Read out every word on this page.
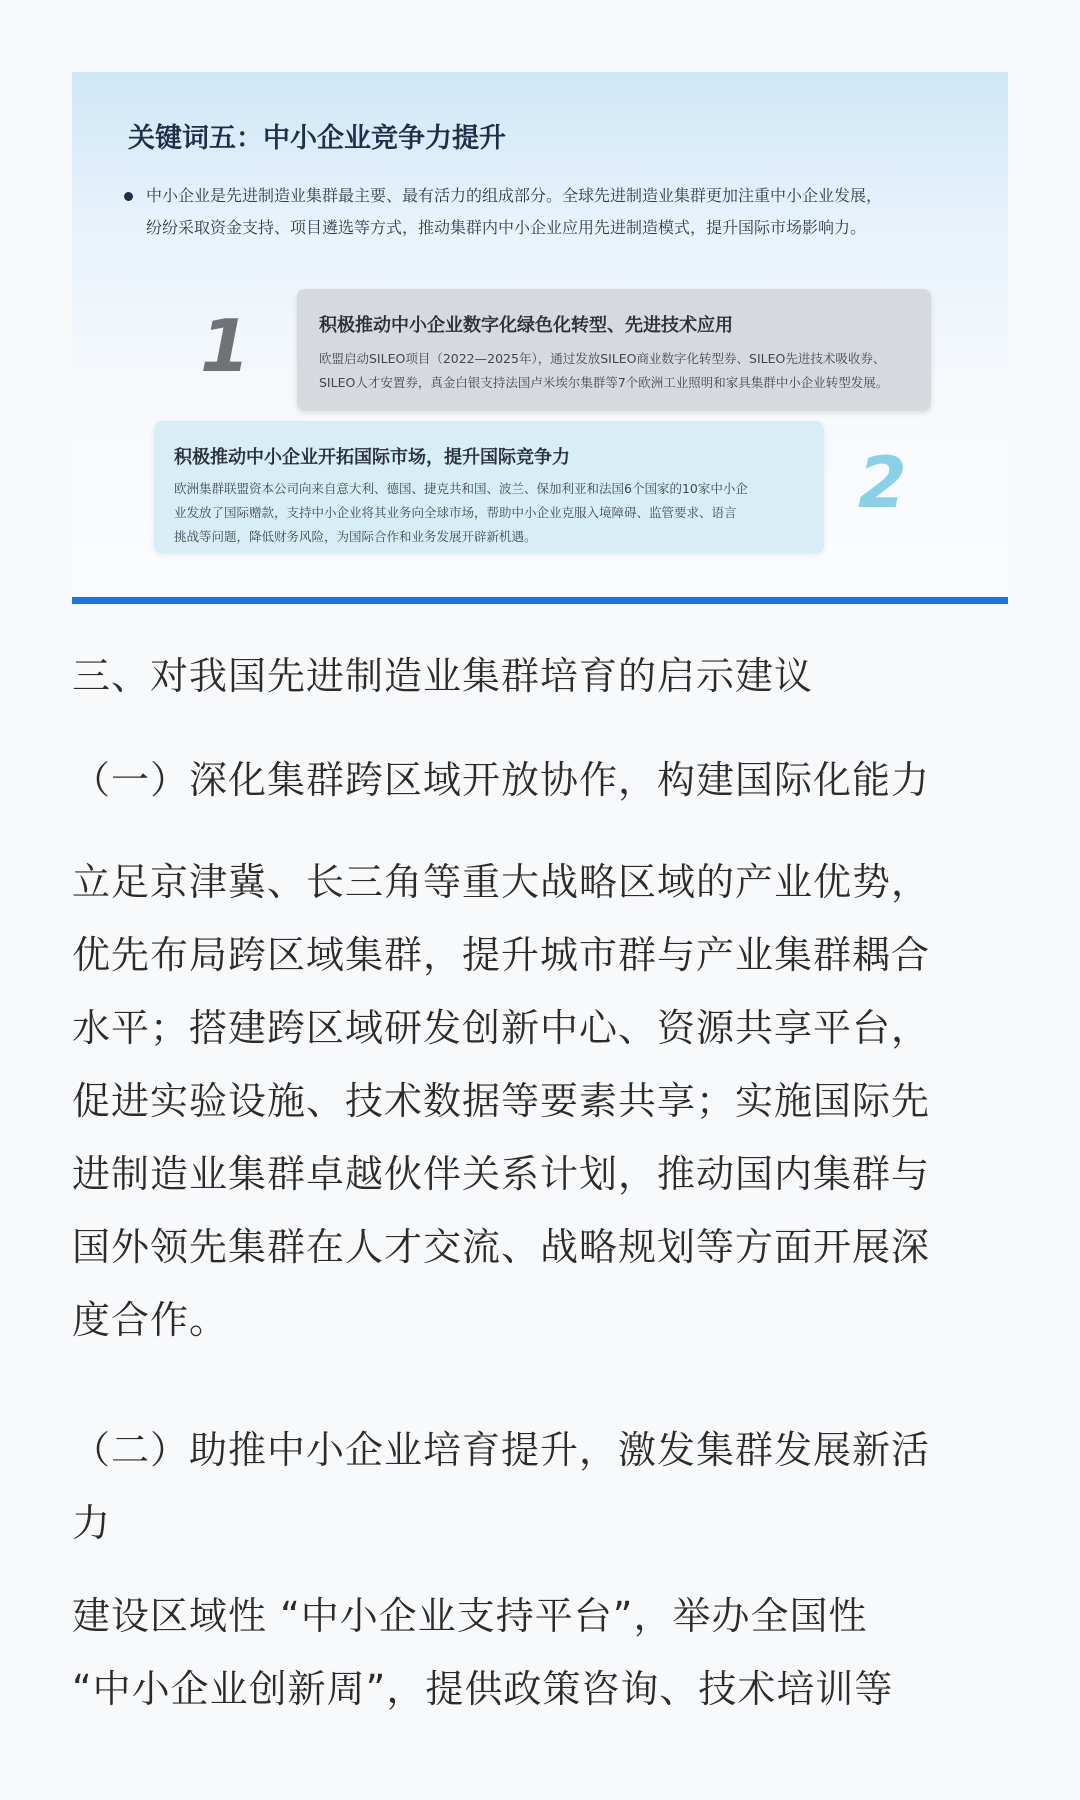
关键词五：中小企业竞争力提升
中小企业是先进制造业集群最主要、最有活力的组成部分。全球先进制造业集群更加注重中小企业发展，
纷纷采取资金支持、项目遴选等方式，推动集群内中小企业应用先进制造模式，提升国际市场影响力。
1	积极推动中小企业数字化绿色化转型、先进技术应用
欧盟启动SILEO项目（2022—2025年），通过发放SILEO商业数字化转型券、SILEO先进技术吸收券、
SILEO人才安置券，真金白银支持法国卢米埃尔集群等7个欧洲工业照明和家具集群中小企业转型发展。
积极推动中小企业开拓国际市场，提升国际竞争力
欧洲集群联盟资本公司向来自意大利、德国、捷克共和国、波兰、保加利亚和法国6个国家的10家中小企
业发放了国际赠款，支持中小企业将其业务向全球市场，帮助中小企业克服入境障碍、监管要求、语言
挑战等问题，降低财务风险，为国际合作和业务发展开辟新机遇。
2

三、对我国先进制造业集群培育的启示建议

（一）深化集群跨区域开放协作，构建国际化能力

立足京津冀、长三角等重大战略区域的产业优势，
优先布局跨区域集群，提升城市群与产业集群耦合
水平；搭建跨区域研发创新中心、资源共享平台，
促进实验设施、技术数据等要素共享；实施国际先
进制造业集群卓越伙伴关系计划，推动国内集群与
国外领先集群在人才交流、战略规划等方面开展深
度合作。

（二）助推中小企业培育提升，激发集群发展新活
力

建设区域性 “中小企业支持平台”，举办全国性
“中小企业创新周”，提供政策咨询、技术培训等
